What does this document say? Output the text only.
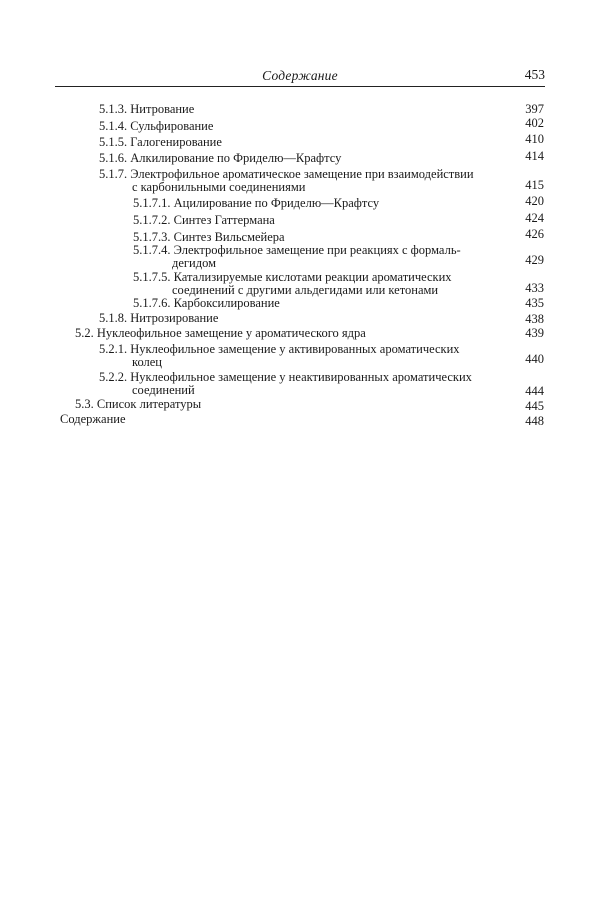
Содержание	453
5.1.3. Нитрование	397
5.1.4. Сульфирование	402
5.1.5. Галогенирование	410
5.1.6. Алкилирование по Фриделю—Крафтсу	414
5.1.7. Электрофильное ароматическое замещение при взаимодействии
с карбонильными соединениями	415
5.1.7.1. Ацилирование по Фриделю—Крафтсу	420
5.1.7.2. Синтез Гаттермана	424
5.1.7.3. Синтез Вильсмейера	426
5.1.7.4. Электрофильное замещение при реакциях с формаль-
дегидом	429
5.1.7.5. Катализируемые кислотами реакции ароматических
соединений с другими альдегидами или кетонами	433
5.1.7.6. Карбоксилирование	435
5.1.8. Нитрозирование	438
5.2. Нуклеофильное замещение у ароматического ядра	439
5.2.1. Нуклеофильное замещение у активированных ароматических
колец	440
5.2.2. Нуклеофильное замещение у неактивированных ароматических
соединений	444
5.3. Список литературы	445
Содержание	448
